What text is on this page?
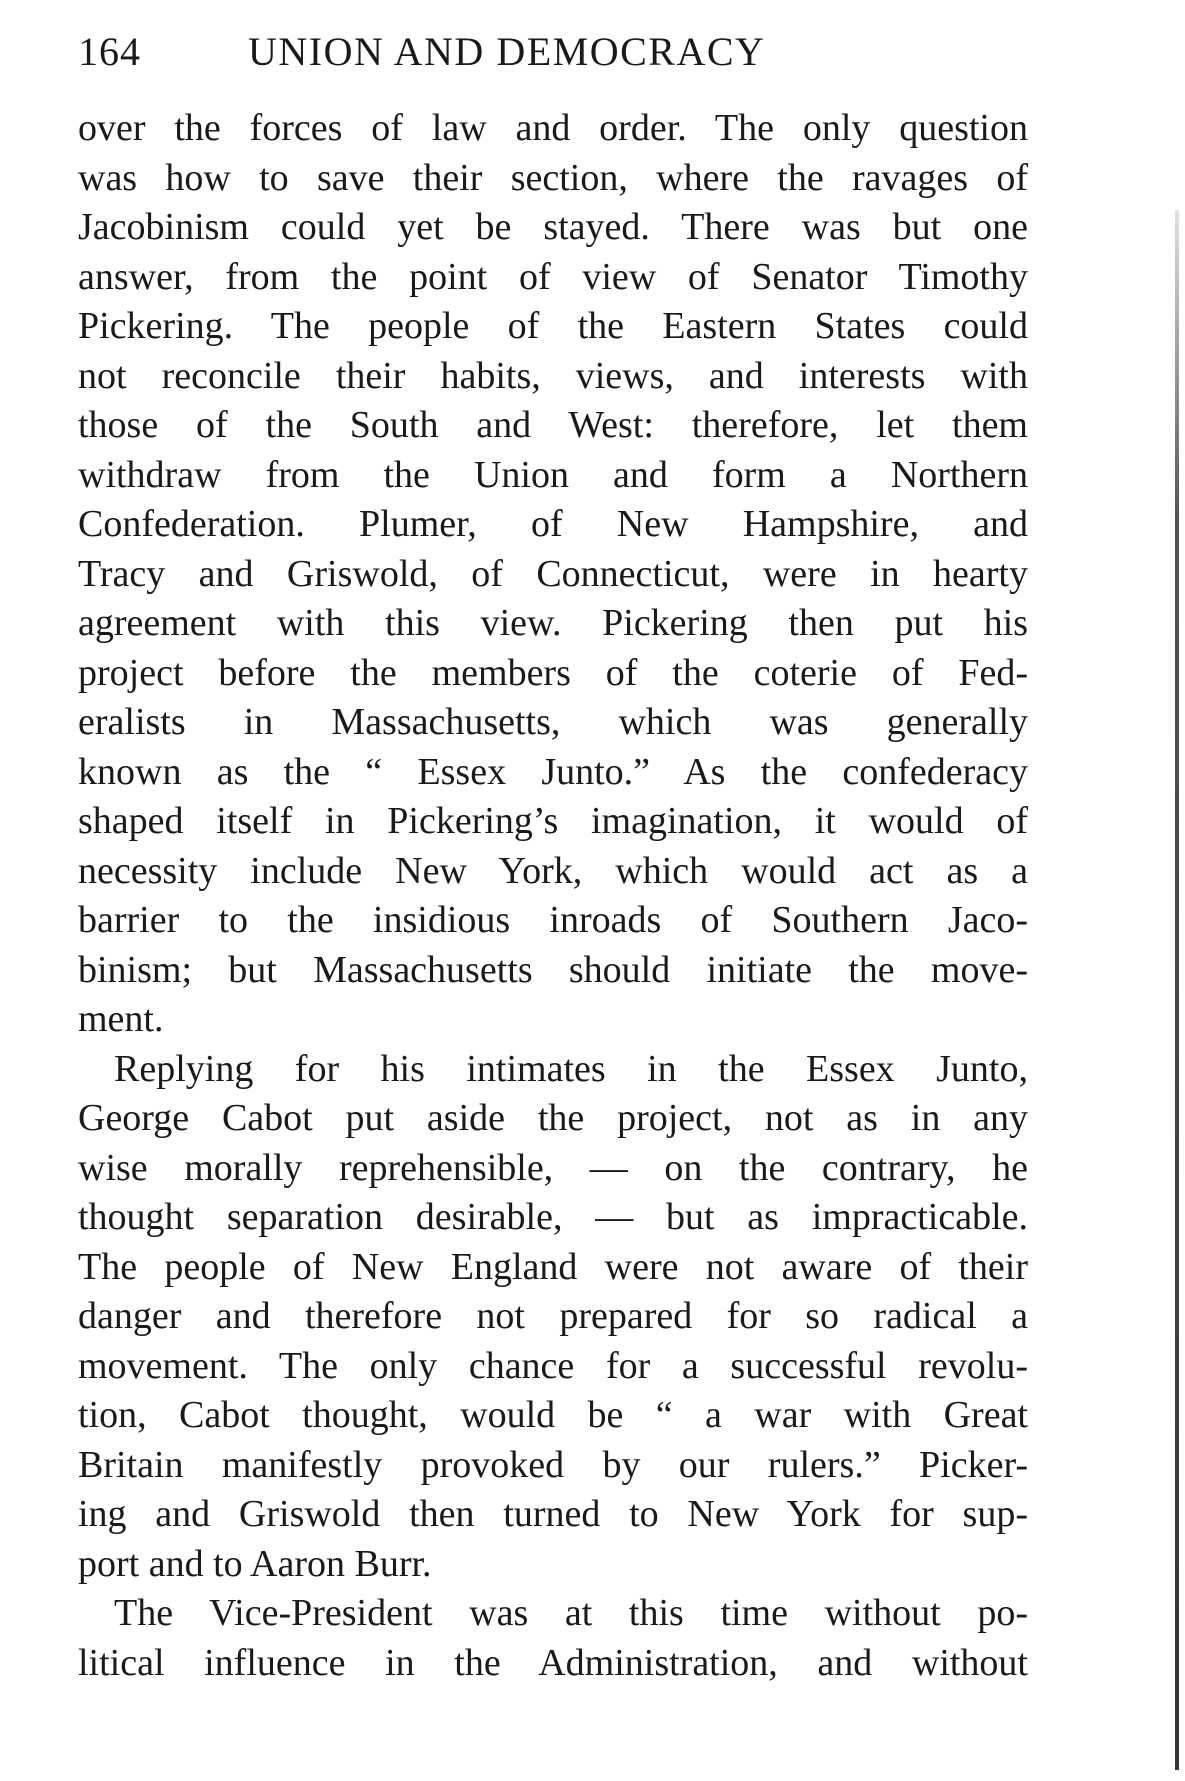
164	UNION AND DEMOCRACY
over the forces of law and order. The only question
was how to save their section, where the ravages of
Jacobinism could yet be stayed. There was but one
answer, from the point of view of Senator Timothy
Pickering. The people of the Eastern States could
not reconcile their habits, views, and interests with
those of the South and West: therefore, let them
withdraw from the Union and form a Northern
Confederation. Plumer, of New Hampshire, and
Tracy and Griswold, of Connecticut, were in hearty
agreement with this view. Pickering then put his
project before the members of the coterie of Fed-
eralists in Massachusetts, which was generally
known as the “ Essex Junto.” As the confederacy
shaped itself in Pickering’s imagination, it would of
necessity include New York, which would act as a
barrier to the insidious inroads of Southern Jaco-
binism; but Massachusetts should initiate the move-
ment.
Replying for his intimates in the Essex Junto,
George Cabot put aside the project, not as in any
wise morally reprehensible, — on the contrary, he
thought separation desirable, — but as impracticable.
The people of New England were not aware of their
danger and therefore not prepared for so radical a
movement. The only chance for a successful revolu-
tion, Cabot thought, would be “ a war with Great
Britain manifestly provoked by our rulers.” Picker-
ing and Griswold then turned to New York for sup-
port and to Aaron Burr.
The Vice-President was at this time without po-
litical influence in the Administration, and without
